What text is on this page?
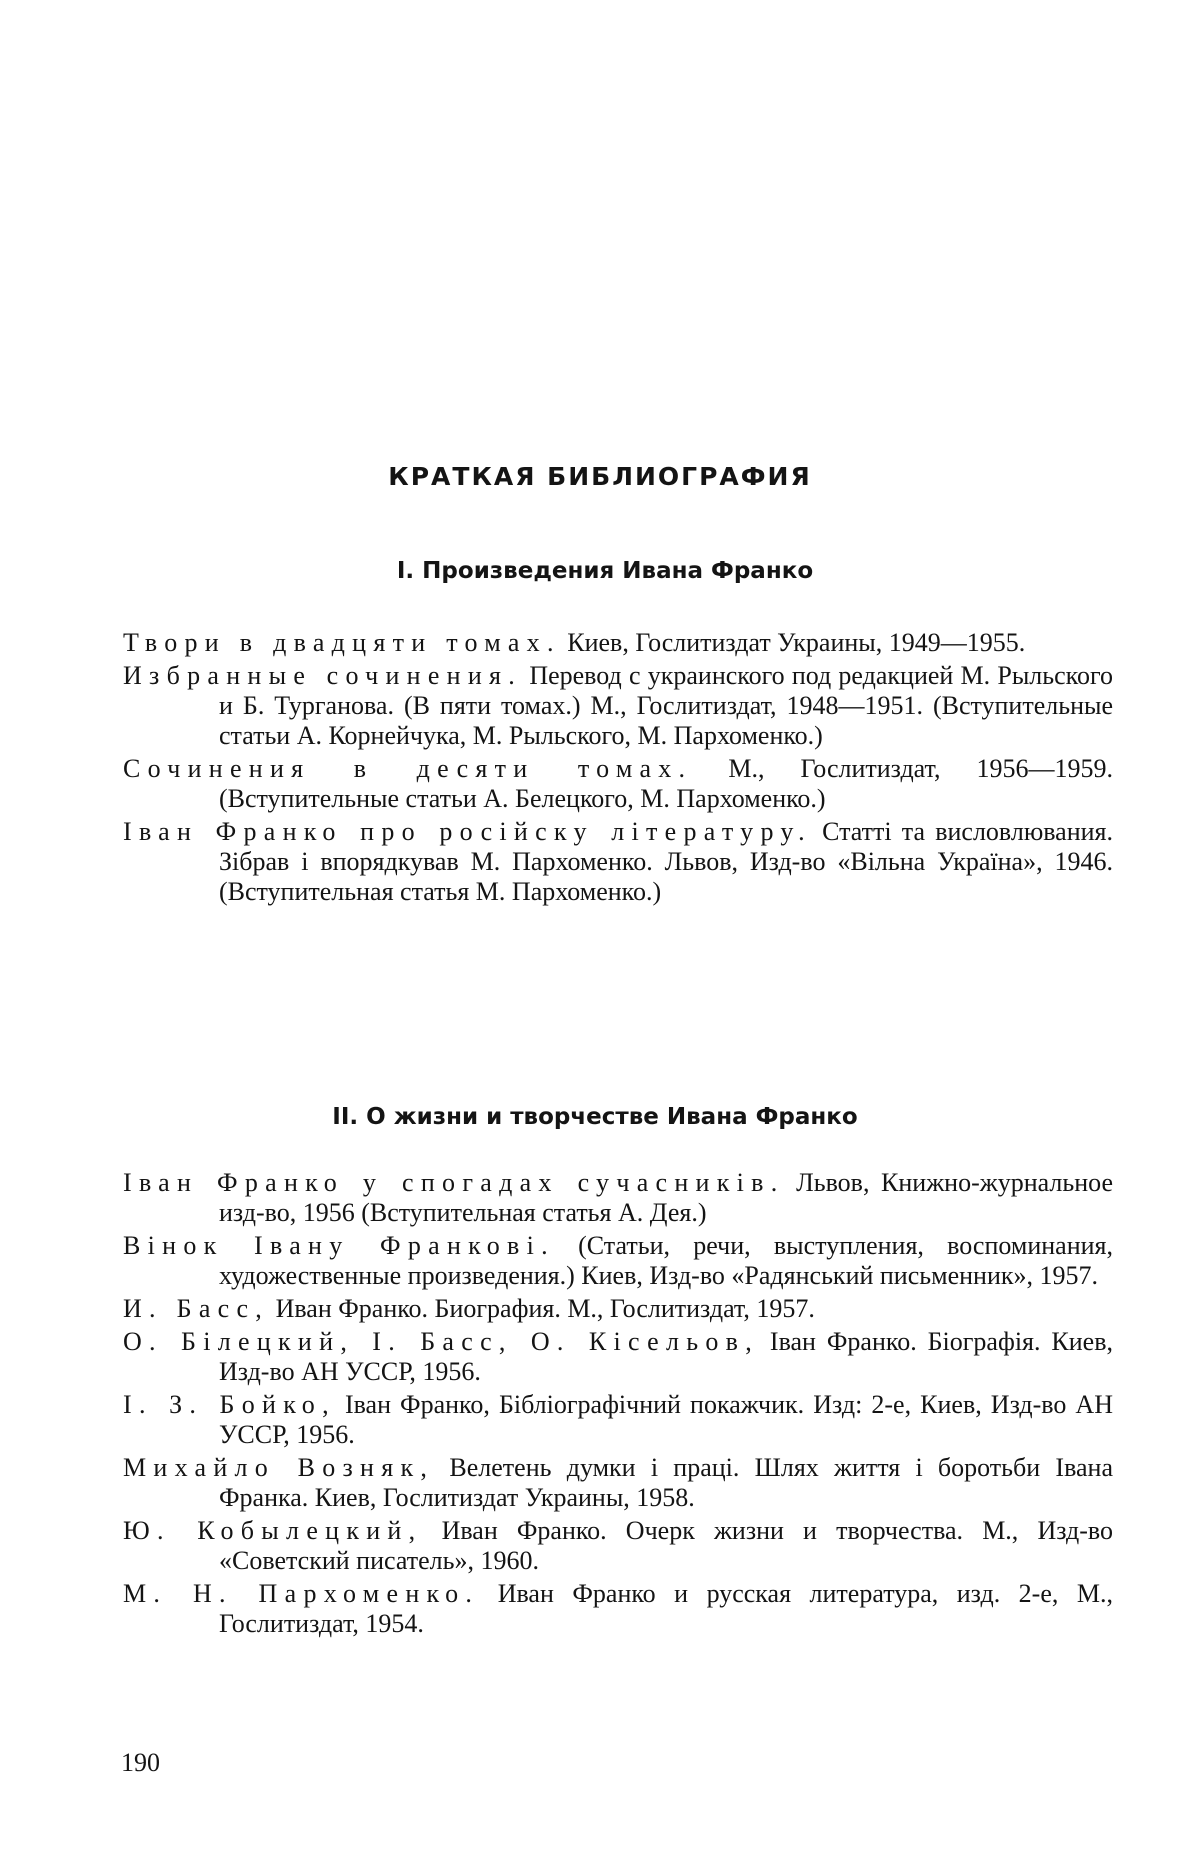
КРАТКАЯ БИБЛИОГРАФИЯ
I. Произведения Ивана Франко
Твори в двадцяти томах. Киев, Гослитиздат Украины, 1949—1955.
Избранные сочинения. Перевод с украинского под редакцией М. Рыльского и Б. Турганова. (В пяти томах.) М., Гослитиздат, 1948—1951. (Вступительные статьи А. Корнейчука, М. Рыльского, М. Пархоменко.)
Сочинения в десяти томах. М., Гослитиздат, 1956—1959. (Вступительные статьи А. Белецкого, М. Пархоменко.)
Іван Франко про російску літературу. Статті та висловлювания. Зібрав і впорядкував М. Пархоменко. Львов, Изд-во «Вільна Україна», 1946. (Вступительная статья М. Пархоменко.)
II. О жизни и творчестве Ивана Франко
Іван Франко у спогадах сучасників. Львов, Книжно-журнальное изд-во, 1956 (Вступительная статья А. Дея.)
Вінок Івану Франкові. (Статьи, речи, выступления, воспоминания, художественные произведения.) Киев, Изд-во «Радянський письменник», 1957.
И. Басс, Иван Франко. Биография. М., Гослитиздат, 1957.
О. Білецкий, І. Басс, О. Кісельов, Іван Франко. Біографія. Киев, Изд-во АН УССР, 1956.
І. З. Бойко, Іван Франко, Бібліографічний покажчик. Изд: 2-е, Киев, Изд-во АН УССР, 1956.
Михайло Возняк, Велетень думки і праці. Шлях життя і боротьби Івана Франка. Киев, Гослитиздат Украины, 1958.
Ю. Кобылецкий, Иван Франко. Очерк жизни и творчества. М., Изд-во «Советский писатель», 1960.
М. Н. Пархоменко. Иван Франко и русская литература, изд. 2-е, М., Гослитиздат, 1954.

190
